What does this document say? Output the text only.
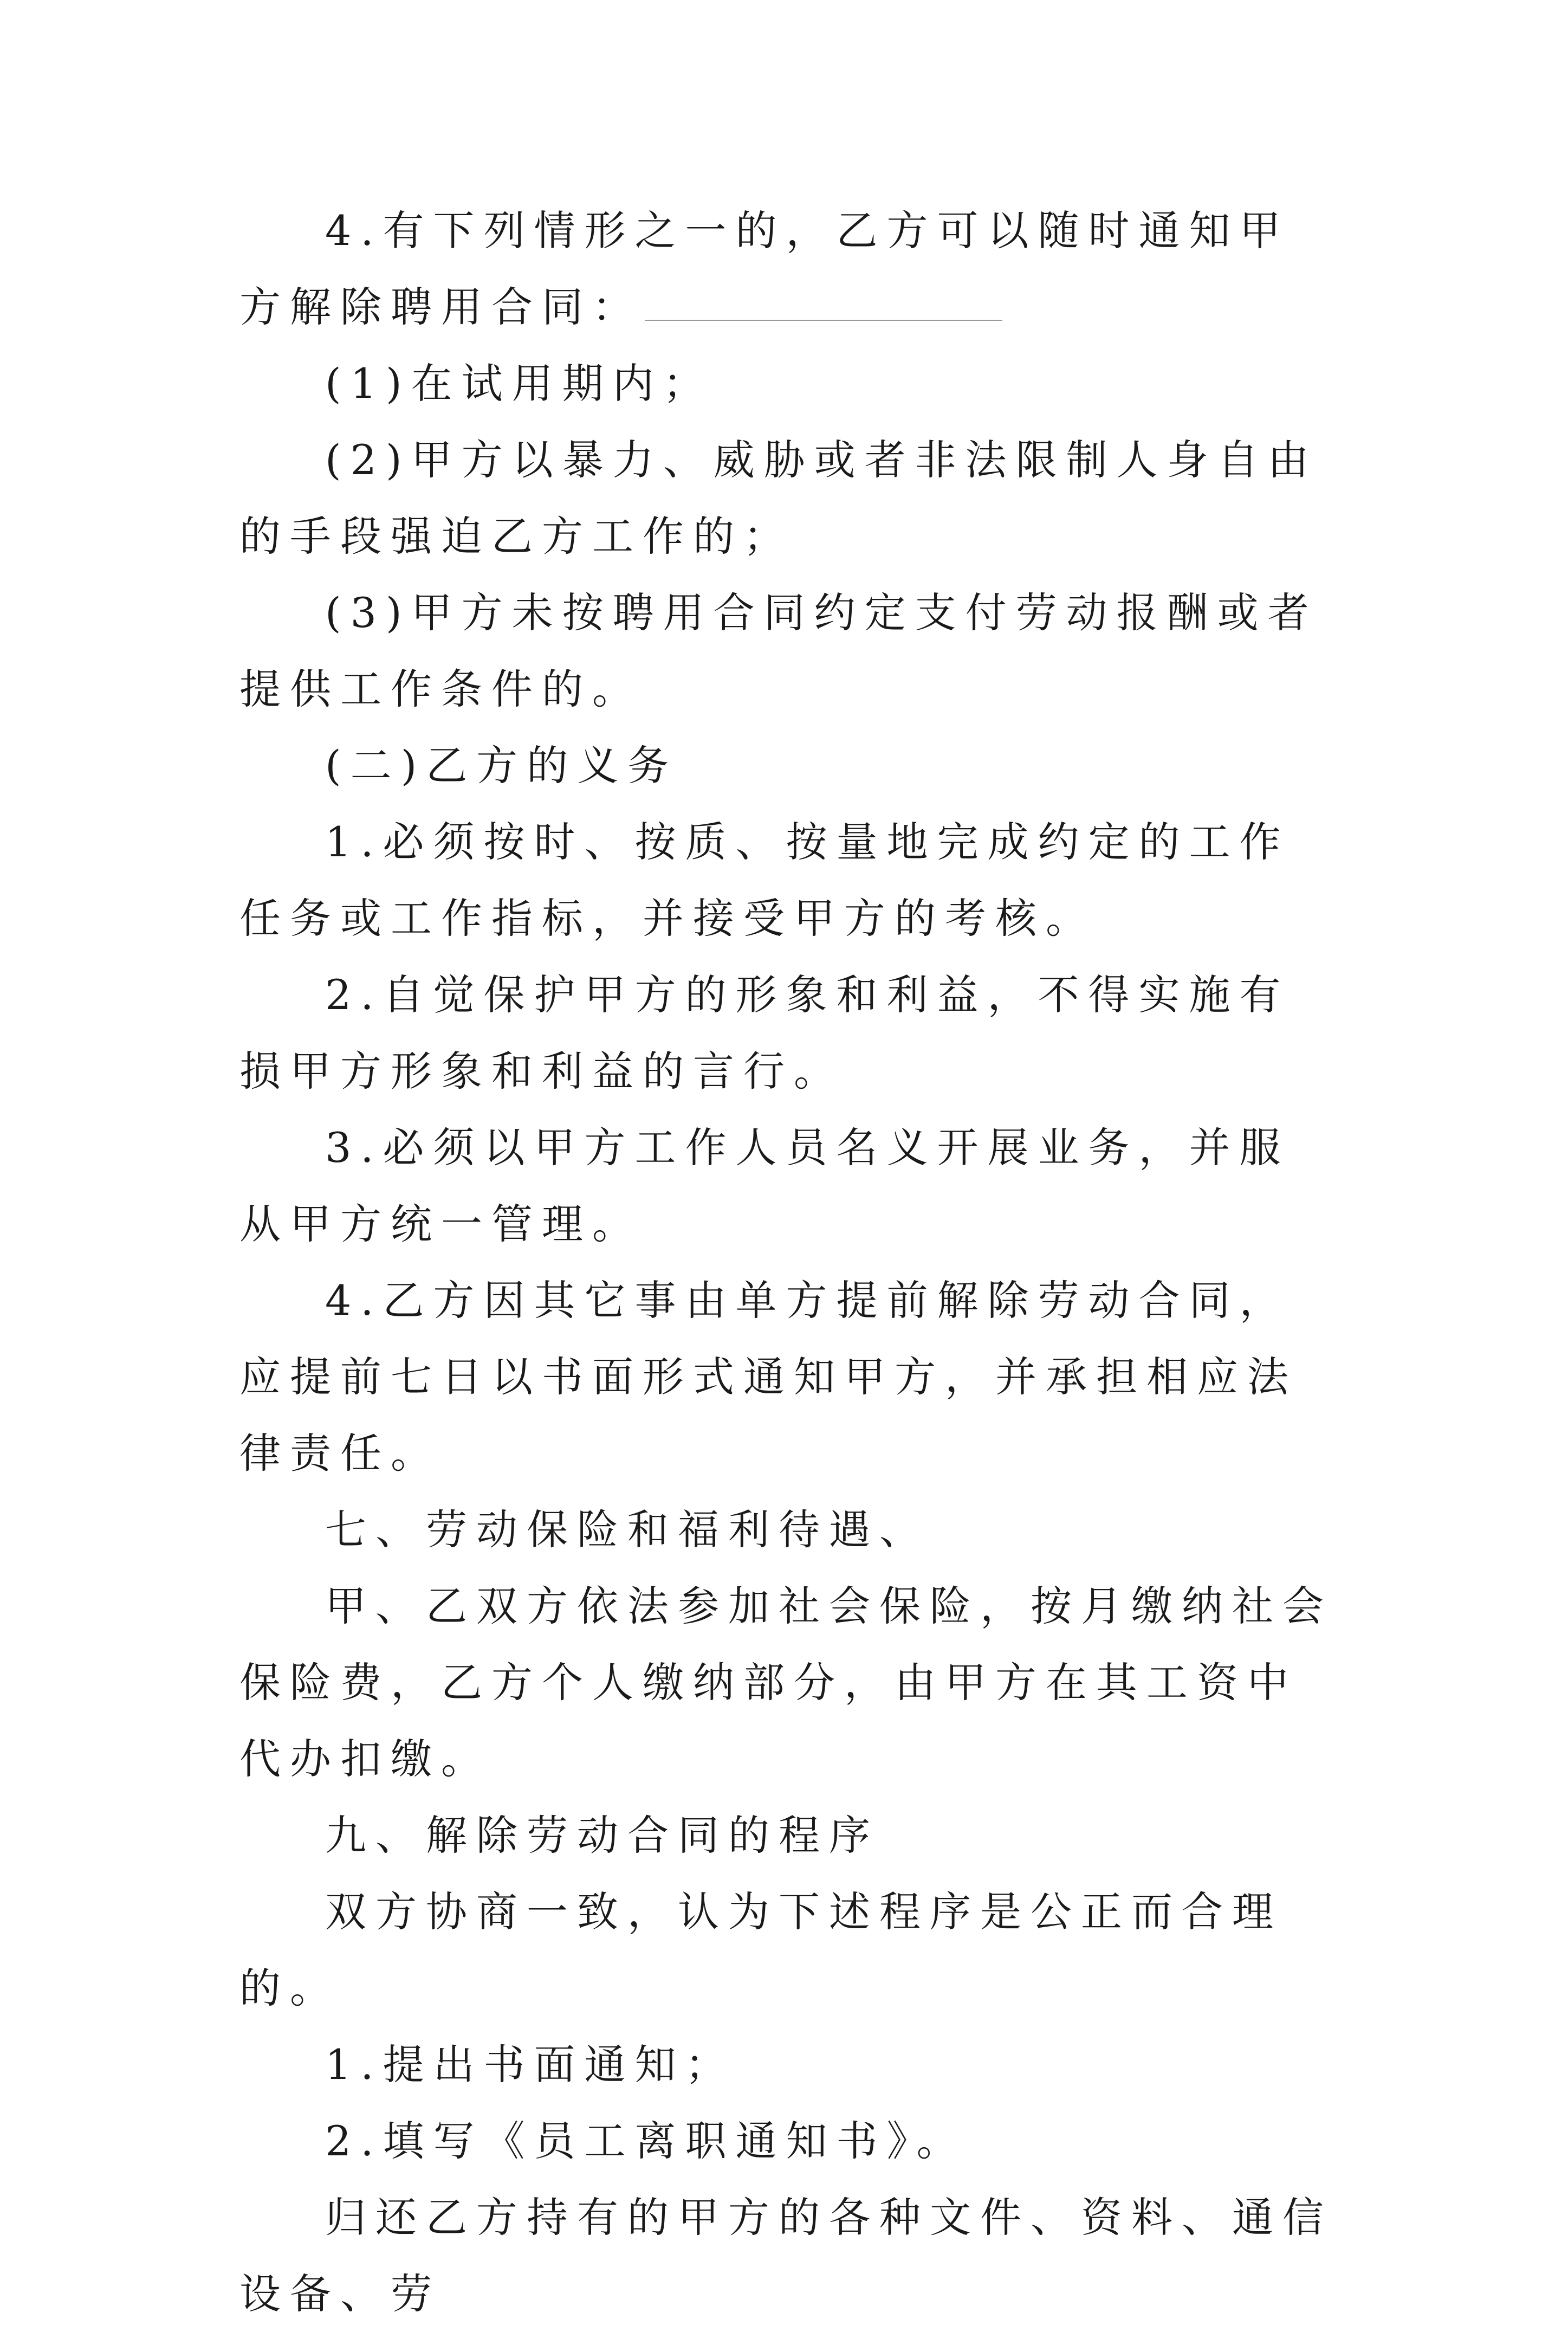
4.有下列情形之一的，乙方可以随时通知甲方解除聘用合同：

(1)在试用期内；

(2)甲方以暴力、威胁或者非法限制人身自由的手段强迫乙方工作的；

(3)甲方未按聘用合同约定支付劳动报酬或者提供工作条件的。

(二)乙方的义务

1.必须按时、按质、按量地完成约定的工作任务或工作指标，并接受甲方的考核。

2.自觉保护甲方的形象和利益，不得实施有损甲方形象和利益的言行。

3.必须以甲方工作人员名义开展业务，并服从甲方统一管理。

4.乙方因其它事由单方提前解除劳动合同，应提前七日以书面形式通知甲方，并承担相应法律责任。

七、劳动保险和福利待遇、

甲、乙双方依法参加社会保险，按月缴纳社会保险费，乙方个人缴纳部分，由甲方在其工资中代办扣缴。

九、解除劳动合同的程序

双方协商一致，认为下述程序是公正而合理的。

1.提出书面通知；

2.填写《员工离职通知书》。

归还乙方持有的甲方的各种文件、资料、通信设备、劳
